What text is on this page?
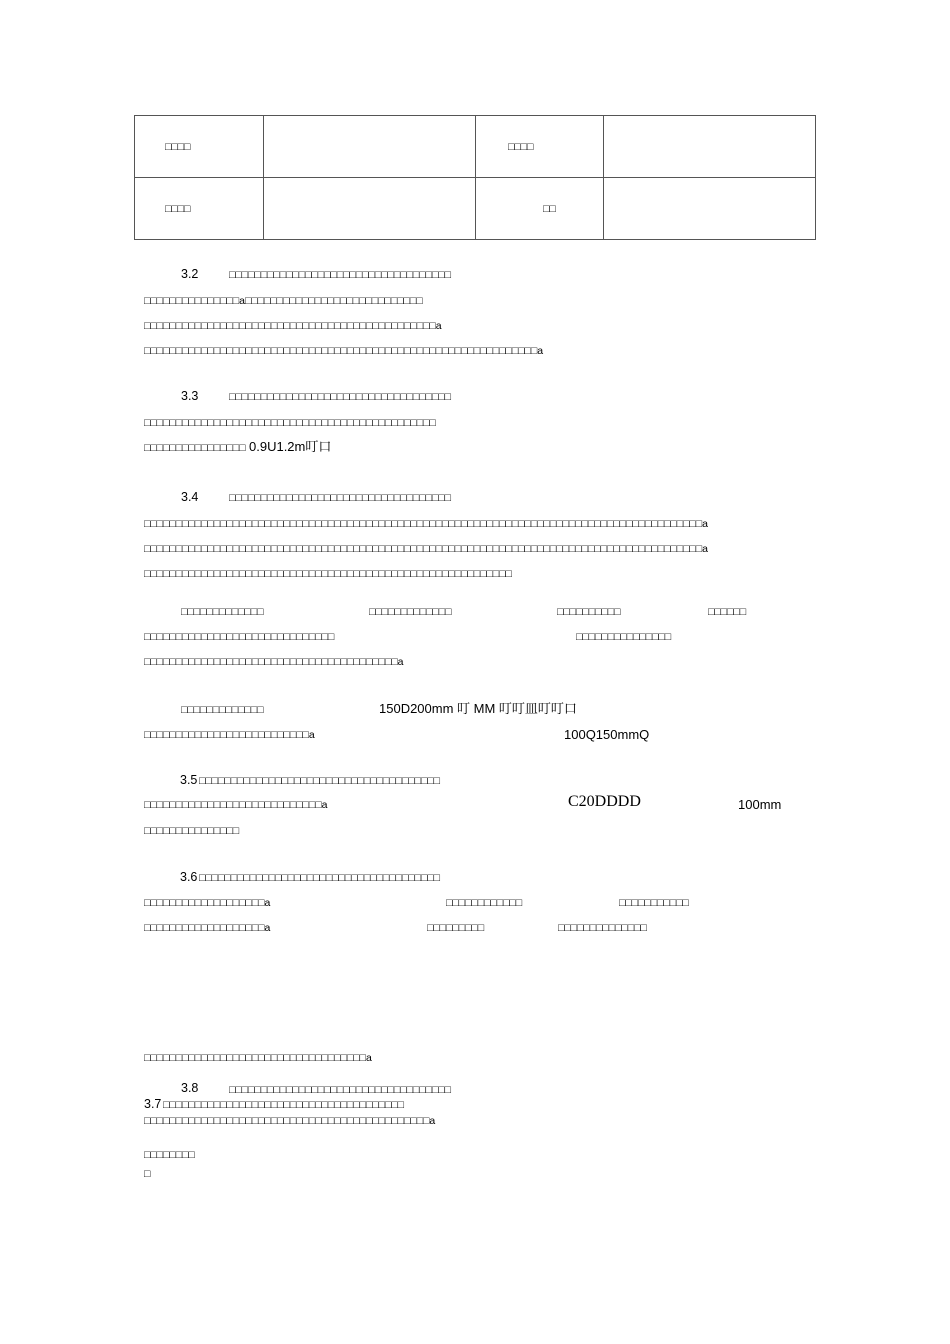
□□□□		□□□□	
□□□□		□□	
3.2	□□□□□□□□□□□□□□□□□□□□□□□□□□□□□□□□□□□
□□□□□□□□□□□□□□□a□□□□□□□□□□□□□□□□□□□□□□□□□□□□
□□□□□□□□□□□□□□□□□□□□□□□□□□□□□□□□□□□□□□□□□□□□□□a
□□□□□□□□□□□□□□□□□□□□□□□□□□□□□□□□□□□□□□□□□□□□□□□□□□□□□□□□□□□□□□a
3.3	□□□□□□□□□□□□□□□□□□□□□□□□□□□□□□□□□□□
□□□□□□□□□□□□□□□□□□□□□□□□□□□□□□□□□□□□□□□□□□□□□□
□□□□□□□□□□□□□□□□ 0.9U1.2m叮口
3.4	□□□□□□□□□□□□□□□□□□□□□□□□□□□□□□□□□□□
□□□□□□□□□□□□□□□□□□□□□□□□□□□□□□□□□□□□□□□□□□□□□□□□□□□□□□□□□□□□□□□□□□□□□□□□□□□□□□□□□□□□□□□□a
□□□□□□□□□□□□□□□□□□□□□□□□□□□□□□□□□□□□□□□□□□□□□□□□□□□□□□□□□□□□□□□□□□□□□□□□□□□□□□□□□□□□□□□□a
□□□□□□□□□□□□□□□□□□□□□□□□□□□□□□□□□□□□□□□□□□□□□□□□□□□□□□□□□□
□□□□□□□□□□□□□	□□□□□□□□□□□□□	□□□□□□□□□□	□□□□□□
□□□□□□□□□□□□□□□□□□□□□□□□□□□□□□	□□□□□□□□□□□□□□□
□□□□□□□□□□□□□□□□□□□□□□□□□□□□□□□□□□□□□□□□a
□□□□□□□□□□□□□	150D200mm 叮 MM 叮叮皿叮叮口
□□□□□□□□□□□□□□□□□□□□□□□□□□a	100Q150mmQ
3.5 □□□□□□□□□□□□□□□□□□□□□□□□□□□□□□□□□□□□□□
□□□□□□□□□□□□□□□□□□□□□□□□□□□□a	C20DDDD	100mm
□□□□□□□□□□□□□□□
3.6 □□□□□□□□□□□□□□□□□□□□□□□□□□□□□□□□□□□□□□
□□□□□□□□□□□□□□□□□□□a	□□□□□□□□□□□□	□□□□□□□□□□□
□□□□□□□□□□□□□□□□□□□a	□□□□□□□□□	□□□□□□□□□□□□□□
□□□□□□□□□□□□□□□□□□□□□□□□□□□□□□□□□□□a
3.8	□□□□□□□□□□□□□□□□□□□□□□□□□□□□□□□□□□□
3.7 □□□□□□□□□□□□□□□□□□□□□□□□□□□□□□□□□□□□□□
□□□□□□□□□□□□□□□□□□□□□□□□□□□□□□□□□□□□□□□□□□□□□a
□□□□□□□□
□
